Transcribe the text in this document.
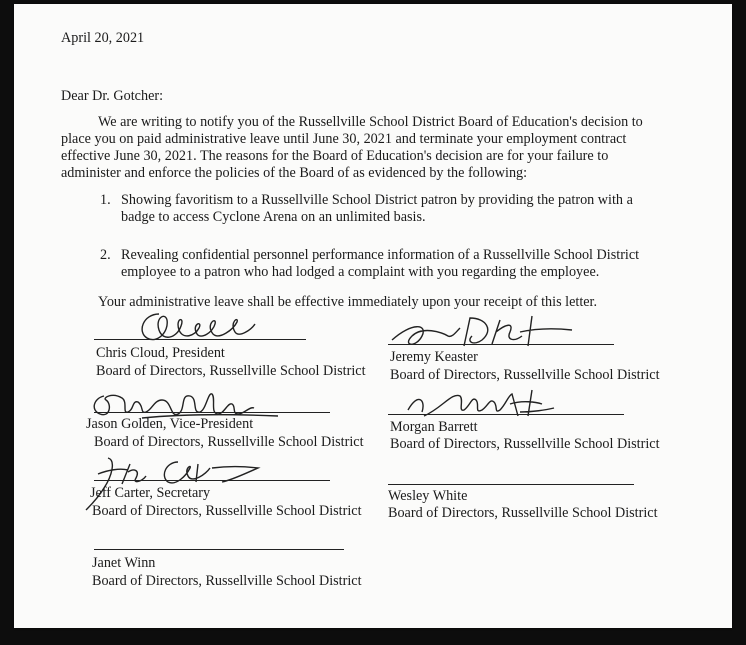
April 20, 2021
Dear Dr. Gotcher:
We are writing to notify you of the Russellville School District Board of Education's decision to
place you on paid administrative leave until June 30, 2021 and terminate your employment contract
effective June 30, 2021. The reasons for the Board of Education's decision are for your failure to
administer and enforce the policies of the Board of as evidenced by the following:
1. Showing favoritism to a Russellville School District patron by providing the patron with a
badge to access Cyclone Arena on an unlimited basis.
2. Revealing confidential personnel performance information of a Russellville School District
employee to a patron who had lodged a complaint with you regarding the employee.
Your administrative leave shall be effective immediately upon your receipt of this letter.
Chris Cloud, President
Board of Directors, Russellville School District
Jeremy Keaster
Board of Directors, Russellville School District
Jason Golden, Vice-President
Board of Directors, Russellville School District
Morgan Barrett
Board of Directors, Russellville School District
Jeff Carter, Secretary
Board of Directors, Russellville School District
Wesley White
Board of Directors, Russellville School District
Janet Winn
Board of Directors, Russellville School District
